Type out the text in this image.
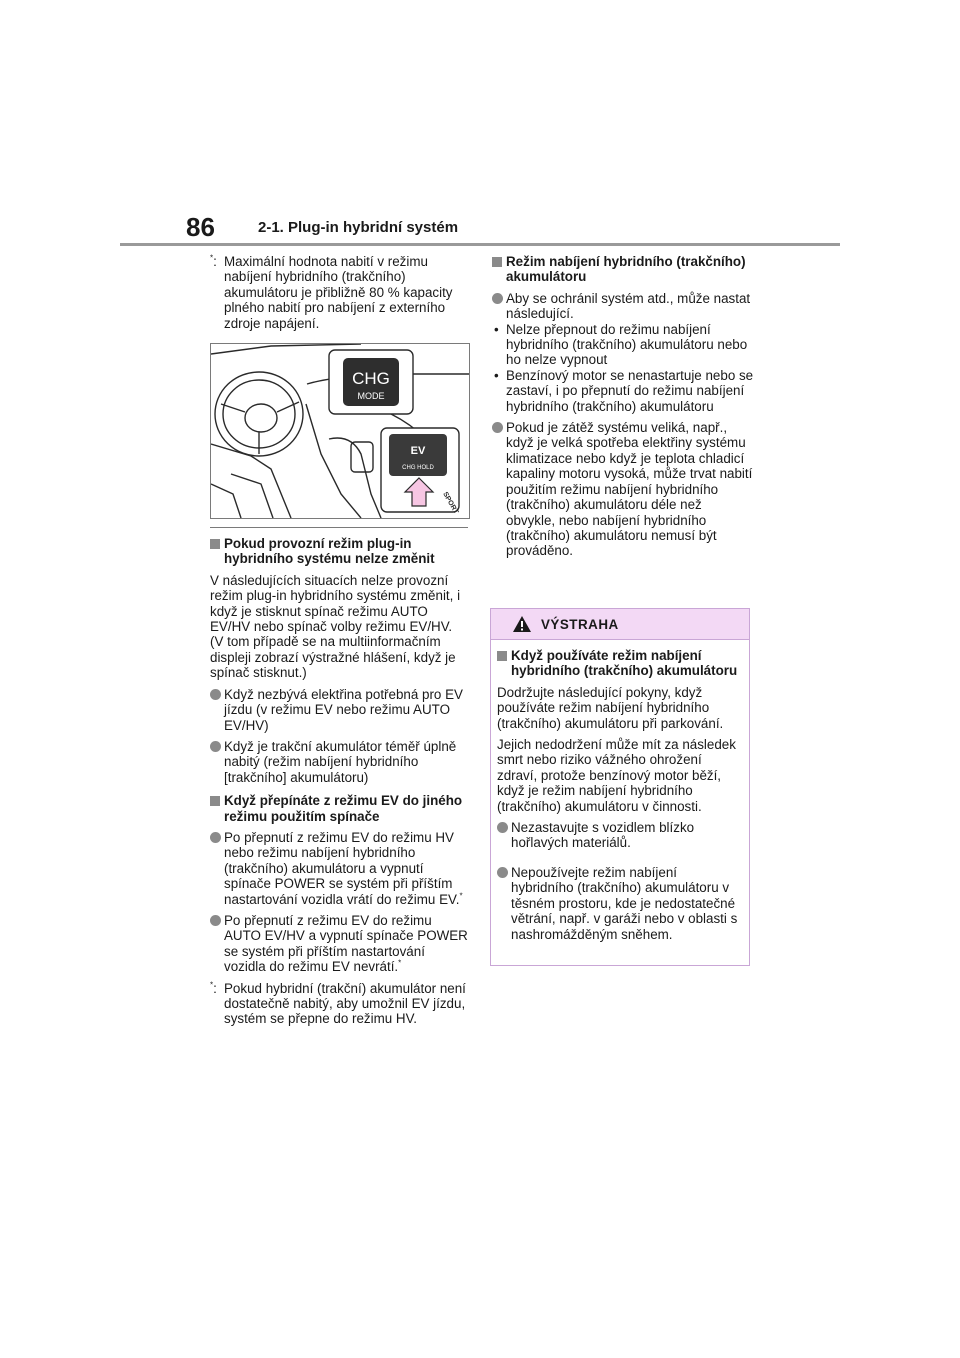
86	2-1. Plug-in hybridní systém
*: Maximální hodnota nabití v režimu nabíjení hybridního (trakčního) akumulátoru je přibližně 80 % kapacity plného nabití pro nabíjení z externího zdroje napájení.
CHG
MODE
EV
CHG HOLD
SPORT
Pokud provozní režim plug-in hybridního systému nelze změnit
V následujících situacích nelze provozní režim plug-in hybridního systému změnit, i když je stisknut spínač režimu AUTO EV/HV nebo spínač volby režimu EV/HV. (V tom případě se na multiinformačním displeji zobrazí výstražné hlášení, když je spínač stisknut.)
Když nezbývá elektřina potřebná pro EV jízdu (v režimu EV nebo režimu AUTO EV/HV)
Když je trakční akumulátor téměř úplně nabitý (režim nabíjení hybridního [trakčního] akumulátoru)
Když přepínáte z režimu EV do jiného režimu použitím spínače
Po přepnutí z režimu EV do režimu HV nebo režimu nabíjení hybridního (trakčního) akumulátoru a vypnutí spínače POWER se systém při příštím nastartování vozidla vrátí do režimu EV.*
Po přepnutí z režimu EV do režimu AUTO EV/HV a vypnutí spínače POWER se systém při příštím nastartování vozidla do režimu EV nevrátí.*
*: Pokud hybridní (trakční) akumulátor není dostatečně nabitý, aby umožnil EV jízdu, systém se přepne do režimu HV.
Režim nabíjení hybridního (trakčního) akumulátoru
Aby se ochránil systém atd., může nastat následující.
• Nelze přepnout do režimu nabíjení hybridního (trakčního) akumulátoru nebo ho nelze vypnout
• Benzínový motor se nenastartuje nebo se zastaví, i po přepnutí do režimu nabíjení hybridního (trakčního) akumulátoru
Pokud je zátěž systému veliká, např., když je velká spotřeba elektřiny systému klimatizace nebo když je teplota chladicí kapaliny motoru vysoká, může trvat nabití použitím režimu nabíjení hybridního (trakčního) akumulátoru déle než obvykle, nebo nabíjení hybridního (trakčního) akumulátoru nemusí být prováděno.
VÝSTRAHA
Když používáte režim nabíjení hybridního (trakčního) akumulátoru
Dodržujte následující pokyny, když používáte režim nabíjení hybridního (trakčního) akumulátoru při parkování.
Jejich nedodržení může mít za následek smrt nebo riziko vážného ohrožení zdraví, protože benzínový motor běží, když je režim nabíjení hybridního (trakčního) akumulátoru v činnosti.
Nezastavujte s vozidlem blízko hořlavých materiálů.
Nepoužívejte režim nabíjení hybridního (trakčního) akumulátoru v těsném prostoru, kde je nedostatečné větrání, např. v garáži nebo v oblasti s nashromážděným sněhem.
